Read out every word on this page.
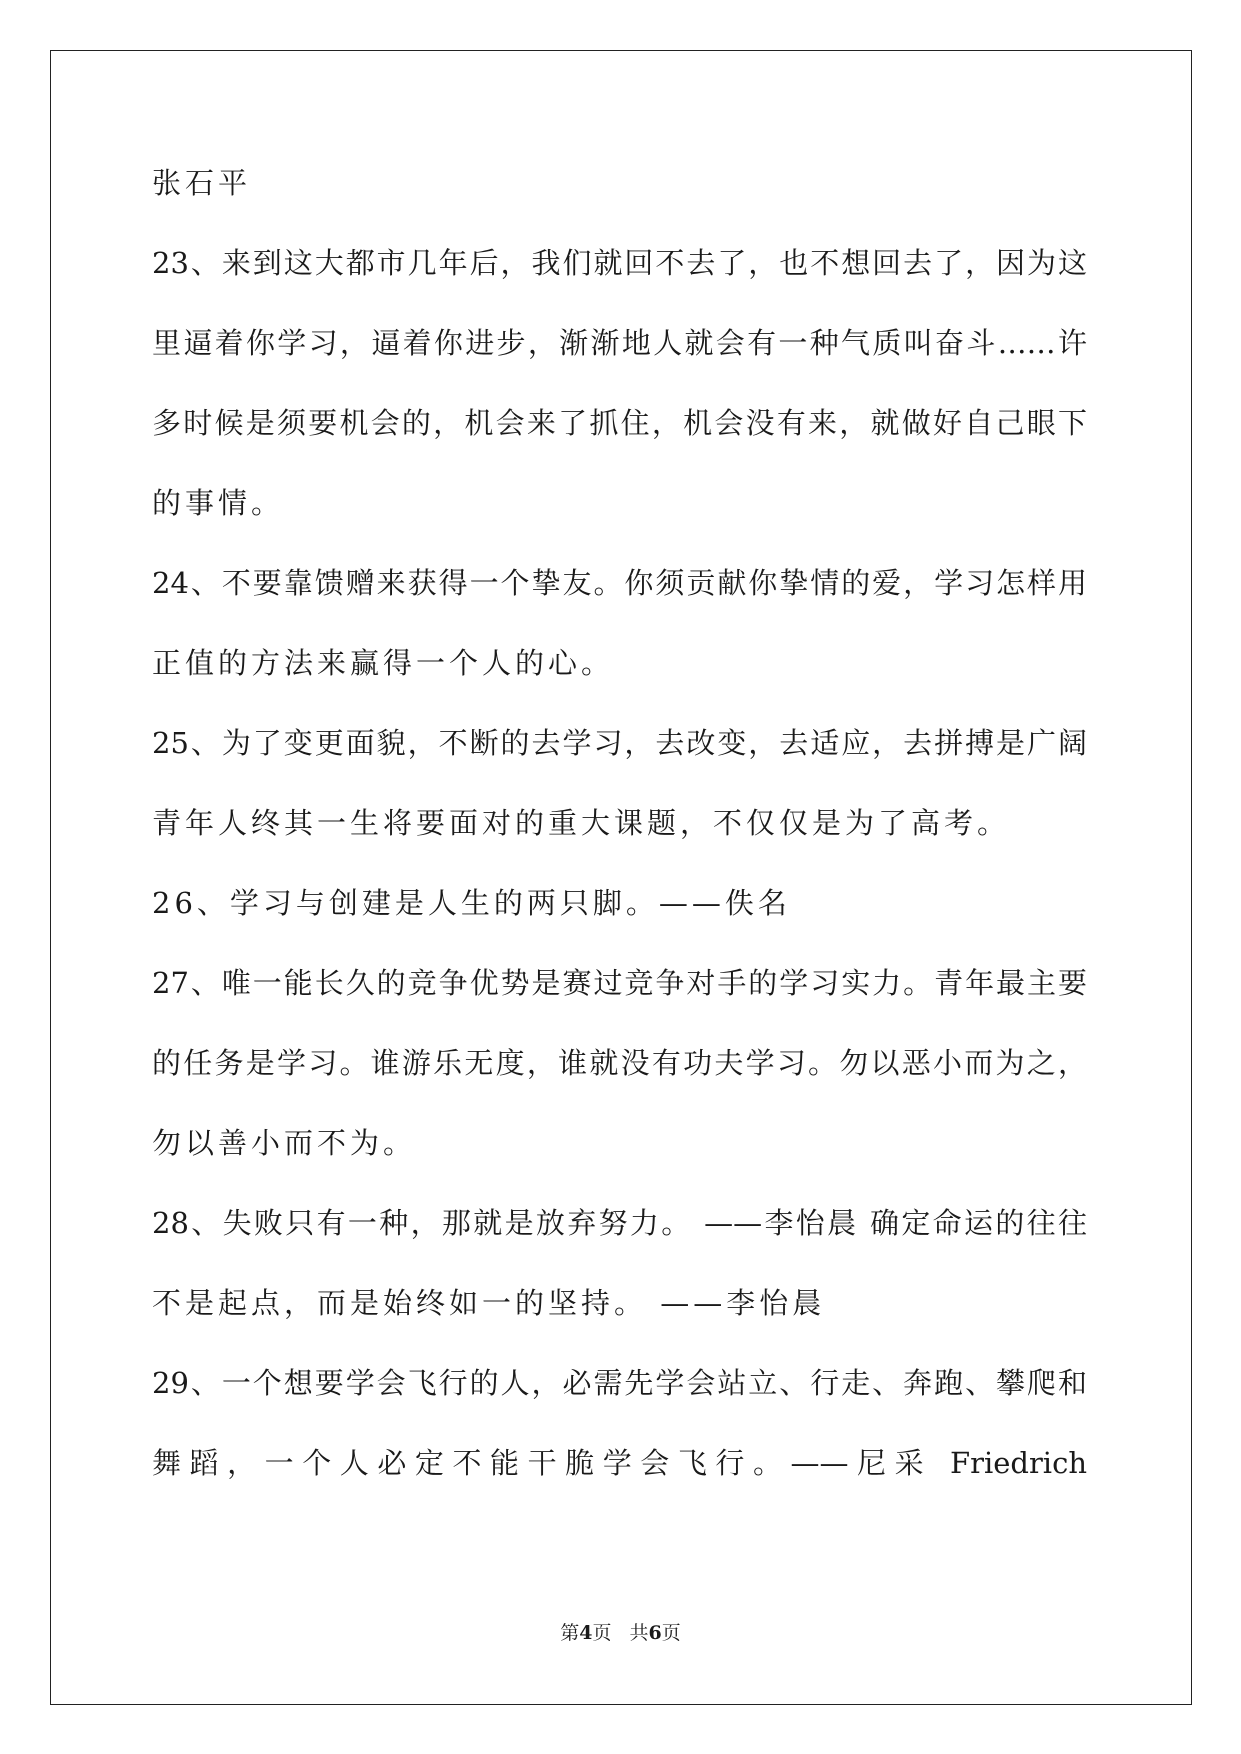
张石平
23、来到这大都市几年后，我们就回不去了，也不想回去了，因为这
里逼着你学习，逼着你进步，渐渐地人就会有一种气质叫奋斗……许
多时候是须要机会的，机会来了抓住，机会没有来，就做好自己眼下
的事情。
24、不要靠馈赠来获得一个挚友。你须贡献你挚情的爱，学习怎样用
正值的方法来赢得一个人的心。
25、为了变更面貌，不断的去学习，去改变，去适应，去拼搏是广阔
青年人终其一生将要面对的重大课题，不仅仅是为了高考。
26、学习与创建是人生的两只脚。——佚名
27、唯一能长久的竞争优势是赛过竞争对手的学习实力。青年最主要
的任务是学习。谁游乐无度，谁就没有功夫学习。勿以恶小而为之，
勿以善小而不为。
28、失败只有一种，那就是放弃努力。 ——李怡晨 确定命运的往往
不是起点，而是始终如一的坚持。 ——李怡晨
29、一个想要学会飞行的人，必需先学会站立、行走、奔跑、攀爬和
舞蹈，一个人必定不能干脆学会飞行。——尼采 Friedrich
第4页 共6页
